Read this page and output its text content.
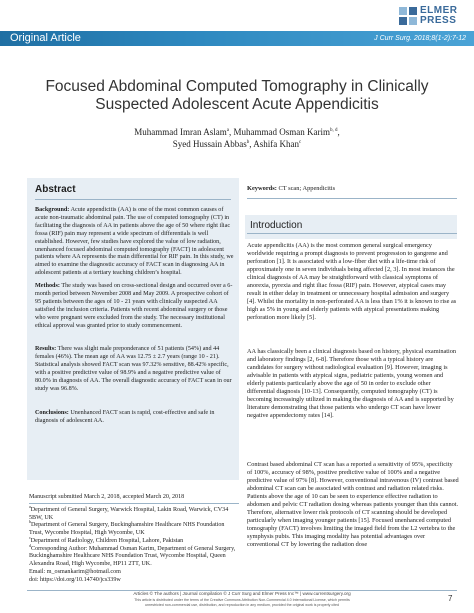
ELMER
PRESS
Original Article	J Curr Surg. 2018;8(1-2):7-12
Focused Abdominal Computed Tomography in Clinically
Suspected Adolescent Acute Appendicitis
Muhammad Imran Aslam$^a$, Muhammad Osman Karim$^{b, d}$,
Syed Hussain Abbas$^b$, Ashifa Khan$^c$
Abstract

Background: Acute appendicitis (AA) is one of the most common causes of acute non-traumatic abdominal pain. The use of computed tomography (CT) in facilitating the diagnosis of AA in patients above the age of 50 where right iliac fossa (RIF) pain may represent a wide spectrum of differentials is well established. However, few studies have explored the value of low radiation, unenhanced focused abdominal computed tomography (FACT) in adolescent patients where AA represents the main differential for RIF pain. In this study, we aimed to examine the diagnostic accuracy of FACT scan in diagnosing AA in adolescent patients at a tertiary teaching children’s hospital.

Methods: The study was based on cross-sectional design and occurred over a 6-month period between November 2008 and May 2009. A prospective cohort of 95 patients between the ages of 10 - 21 years with clinically suspected AA satisfied the inclusion criteria. Patients with recent abdominal surgery or those who were pregnant were excluded from the study. The necessary institutional ethical approval was granted prior to study commencement.

Results: There was slight male preponderance of 51 patients (54%) and 44 females (46%). The mean age of AA was 12.75 ± 2.7 years (range 10 - 21). Statistical analysis showed FACT scan was 97.32% sensitive, 88.42% specific, with a positive predictive value of 98.9% and a negative predictive value of 80.0% in diagnosis of AA. The overall diagnostic accuracy of FACT scan in our study was 96.8%.

Conclusions: Unenhanced FACT scan is rapid, cost-effective and safe in diagnosis of adolescent AA.

Keywords: CT scan; Appendicitis
Introduction

Acute appendicitis (AA) is the most common general surgical emergency worldwide requiring a prompt diagnosis to prevent progression to gangrene and perforation [1]. It is associated with a low-fiber diet with a life-time risk of approximately one in seven individuals being affected [2, 3]. In most instances the clinical diagnosis of AA may be straightforward with classical symptoms of anorexia, pyrexia and right iliac fossa (RIF) pain. However, atypical cases may result in either delay in treatment or unnecessary hospital admission and surgery [4]. Whilst the mortality in non-perforated AA is less than 1% it is known to rise as high as 5% in young and elderly patients with atypical presentations making perforation more likely [5].

AA has classically been a clinical diagnosis based on history, physical examination and laboratory findings [2, 6-8]. Therefore those with a typical history are candidates for surgery without radiological evaluation [9]. However, imaging is advisable in patients with atypical signs, pediatric patients, young women and elderly patients particularly above the age of 50 in order to exclude other differential diagnosis [10-13]. Consequently, computed tomography (CT) is becoming increasingly utilized in making the diagnosis of AA and is supported by literature demonstrating that those patients who undergo CT scan have lower negative appendectomy rates [14].

Contrast based abdominal CT scan has a reported a sensitivity of 95%, specificity of 100%, accuracy of 98%, positive predictive value of 100% and a negative predictive value of 97% [8]. However, conventional intravenous (IV) contrast based abdominal CT scan can be associated with contrast and radiation related risks. Patients above the age of 10 can be seen to experience effective radiation to abdomen and pelvic CT radiation dosing whereas patients younger than this cannot. Therefore, alternative lower risk protocols of CT scanning should be developed particularly when imaging younger patients [15]. Focused unenhanced computed tomography (FACT) involves limiting the imaged field from the L2 vertebra to the symphysis pubis. This imaging modality has potential advantages over conventional CT by lowering the radiation dose

Manuscript submitted March 2, 2018, accepted March 20, 2018
$^a$Department of General Surgery, Warwick Hospital, Lakin Road, Warwick, CV34 5BW, UK
$^b$Department of General Surgery, Buckinghamshire Healthcare NHS Foundation Trust, Wycombe Hospital, High Wycombe, UK
$^c$Department of Radiology, Children Hospital, Lahore, Pakistan
$^d$Corresponding Author: Muhammad Osman Karim, Department of General Surgery, Buckinghamshire Healthcare NHS Foundation Trust, Wycombe Hospital, Queen Alexandra Road, High Wycombe, HP11 2TT, UK.
Email: m_osmankarim@hotmail.com
doi: https://doi.org/10.14740/jcs339w
Articles © The authors | Journal compilation © J Curr Surg and Elmer Press Inc™ | www.currentsurgery.org
This article is distributed under the terms of the Creative Commons Attribution Non-Commercial 4.0 International License, which permits
unrestricted non-commercial use, distribution, and reproduction in any medium, provided the original work is properly cited
7
